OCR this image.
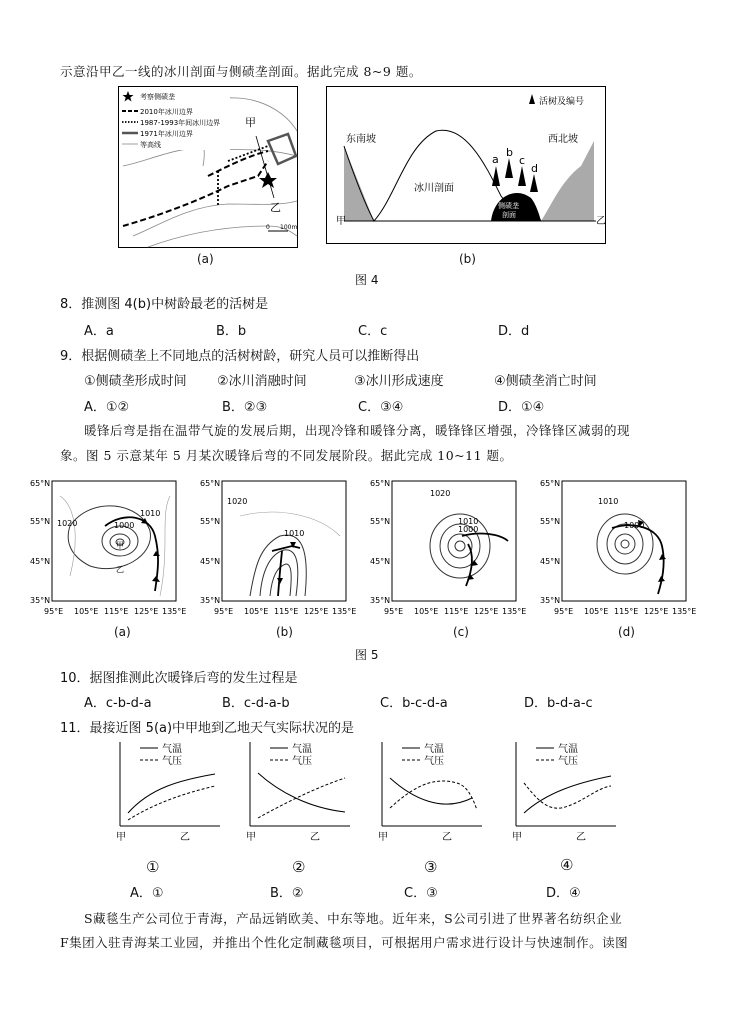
示意沿甲乙一线的冰川剖面与侧碛垄剖面。据此完成 8~9 题。
考察侧碛垄
2010年冰川边界
1987-1993年间冰川边界
1971年冰川边界
等高线
甲
乙
0 100m
(a)
甲	乙
东南坡	西北坡
冰川剖面
侧碛垄
剖面
a
b
c
d
活树及编号
(b)
图 4
8．推测图 4(b)中树龄最老的活树是
A．a	B．b	C．c	D．d
9．根据侧碛垄上不同地点的活树树龄，研究人员可以推断得出
①侧碛垄形成时间 ②冰川消融时间	③冰川形成速度	④侧碛垄消亡时间
A．①②	B．②③	C．③④	D．①④
暖锋后弯是指在温带气旋的发展后期，出现冷锋和暖锋分离，暖锋锋区增强，冷锋锋区减弱的现
象。图 5 示意某年 5 月某次暖锋后弯的不同发展阶段。据此完成 10~11 题。
65°N
55°N
45°N
35°N
95°E 105°E 115°E 125°E 135°E
1010
1000
1020
甲
乙
65°N
55°N
45°N
35°N
95°E 105°E 115°E 125°E 135°E
1020
1010
65°N
55°N
45°N
35°N
95°E 105°E 115°E 125°E 135°E
1020
1010
1000
65°N
55°N
45°N
35°N
95°E 105°E 115°E 125°E 135°E
1010
1000
(a)	(b)	(c)	(d)
图 5
10．据图推测此次暖锋后弯的发生过程是
A．c-b-d-a	B．c-d-a-b	C．b-c-d-a	D．b-d-a-c
11．最接近图 5(a)中甲地到乙地天气实际状况的是
气温
气压
甲	乙
气温
气压
甲	乙
气温
气压
甲	乙
气温
气压
甲	乙
①	②	③	④
A．①	B．②	C．③	D．④
S藏毯生产公司位于青海，产品远销欧美、中东等地。近年来，S公司引进了世界著名纺织企业
F集团入驻青海某工业园，并推出个性化定制藏毯项目，可根据用户需求进行设计与快速制作。读图
